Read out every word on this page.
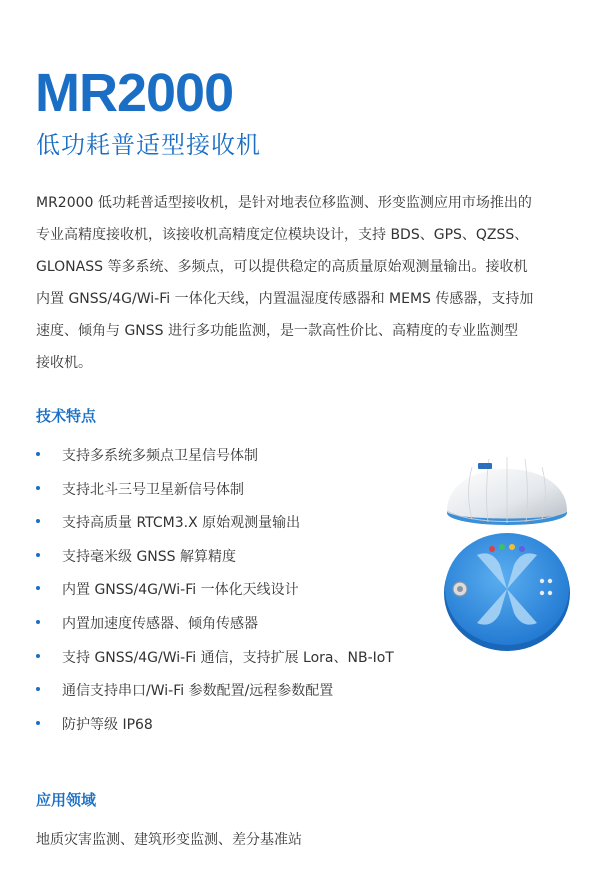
MR2000
低功耗普适型接收机

MR2000 低功耗普适型接收机，是针对地表位移监测、形变监测应用市场推出的
专业高精度接收机，该接收机高精度定位模块设计，支持 BDS、GPS、QZSS、
GLONASS 等多系统、多频点，可以提供稳定的高质量原始观测量输出。接收机
内置 GNSS/4G/Wi-Fi 一体化天线，内置温湿度传感器和 MEMS 传感器，支持加
速度、倾角与 GNSS 进行多功能监测，是一款高性价比、高精度的专业监测型
接收机。

技术特点
支持多系统多频点卫星信号体制
支持北斗三号卫星新信号体制
支持高质量 RTCM3.X 原始观测量输出
支持毫米级 GNSS 解算精度
内置 GNSS/4G/Wi-Fi 一体化天线设计
内置加速度传感器、倾角传感器
支持 GNSS/4G/Wi-Fi 通信，支持扩展 Lora、NB-IoT
通信支持串口/Wi-Fi 参数配置/远程参数配置
防护等级 IP68
应用领域
地质灾害监测、建筑形变监测、差分基准站
